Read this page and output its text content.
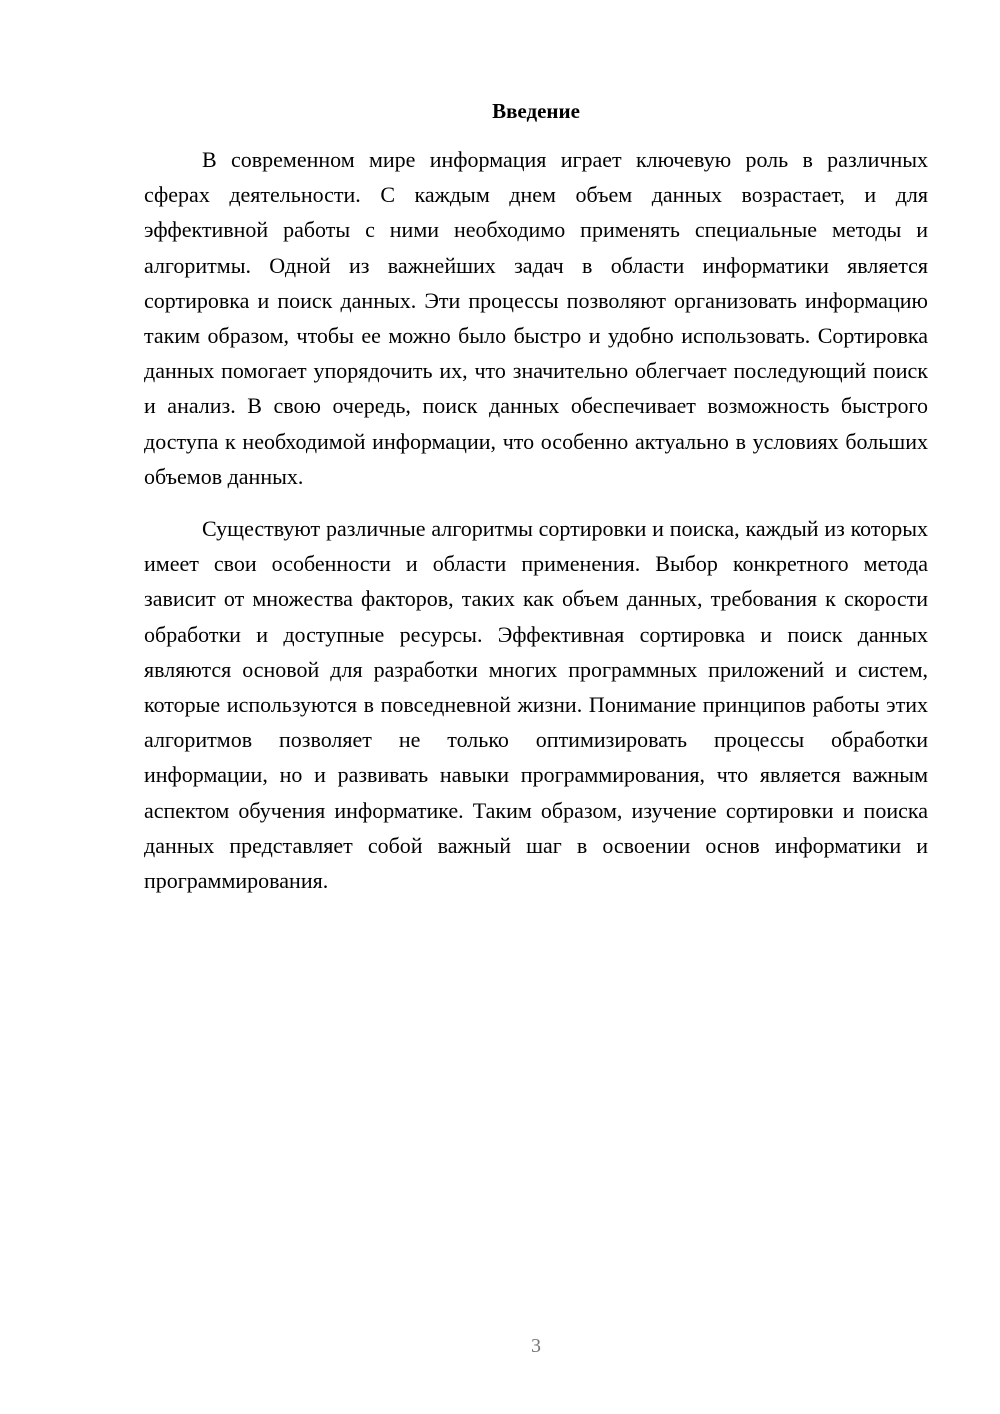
Введение

В современном мире информация играет ключевую роль в различных сферах деятельности. С каждым днем объем данных возрастает, и для эффективной работы с ними необходимо применять специальные методы и алгоритмы. Одной из важнейших задач в области информатики является сортировка и поиск данных. Эти процессы позволяют организовать информацию таким образом, чтобы ее можно было быстро и удобно использовать. Сортировка данных помогает упорядочить их, что значительно облегчает последующий поиск и анализ. В свою очередь, поиск данных обеспечивает возможность быстрого доступа к необходимой информации, что особенно актуально в условиях больших объемов данных.

Существуют различные алгоритмы сортировки и поиска, каждый из которых имеет свои особенности и области применения. Выбор конкретного метода зависит от множества факторов, таких как объем данных, требования к скорости обработки и доступные ресурсы. Эффективная сортировка и поиск данных являются основой для разработки многих программных приложений и систем, которые используются в повседневной жизни. Понимание принципов работы этих алгоритмов позволяет не только оптимизировать процессы обработки информации, но и развивать навыки программирования, что является важным аспектом обучения информатике. Таким образом, изучение сортировки и поиска данных представляет собой важный шаг в освоении основ информатики и программирования.

3
